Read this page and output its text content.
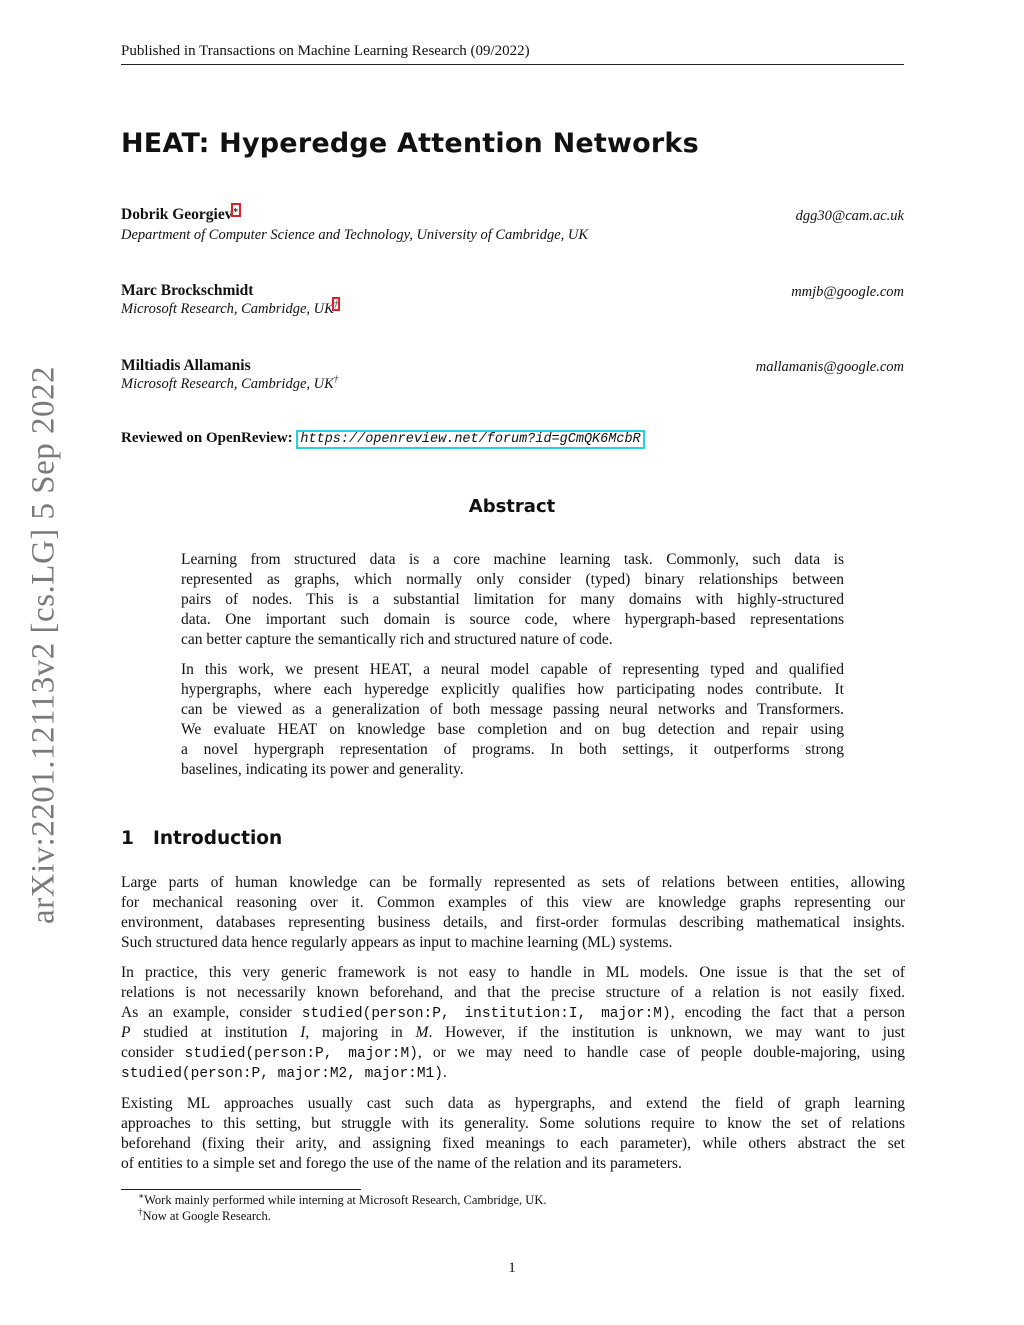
arXiv:2201.12113v2 [cs.LG] 5 Sep 2022
Published in Transactions on Machine Learning Research (09/2022)
HEAT: Hyperedge Attention Networks
Dobrik Georgiev∗	dgg30@cam.ac.uk
Department of Computer Science and Technology, University of Cambridge, UK
Marc Brockschmidt	mmjb@google.com
Microsoft Research, Cambridge, UK†
Miltiadis Allamanis	mallamanis@google.com
Microsoft Research, Cambridge, UK†
Reviewed on OpenReview: https://openreview.net/forum?id=gCmQK6McbR
Abstract
Learning from structured data is a core machine learning task. Commonly, such data is
represented as graphs, which normally only consider (typed) binary relationships between
pairs of nodes. This is a substantial limitation for many domains with highly-structured
data. One important such domain is source code, where hypergraph-based representations
can better capture the semantically rich and structured nature of code.
In this work, we present HEAT, a neural model capable of representing typed and qualified
hypergraphs, where each hyperedge explicitly qualifies how participating nodes contribute. It
can be viewed as a generalization of both message passing neural networks and Transformers.
We evaluate HEAT on knowledge base completion and on bug detection and repair using
a novel hypergraph representation of programs. In both settings, it outperforms strong
baselines, indicating its power and generality.
1 Introduction
Large parts of human knowledge can be formally represented as sets of relations between entities, allowing
for mechanical reasoning over it. Common examples of this view are knowledge graphs representing our
environment, databases representing business details, and first-order formulas describing mathematical insights.
Such structured data hence regularly appears as input to machine learning (ML) systems.
In practice, this very generic framework is not easy to handle in ML models. One issue is that the set of
relations is not necessarily known beforehand, and that the precise structure of a relation is not easily fixed.
As an example, consider studied(person:P, institution:I, major:M), encoding the fact that a person
P studied at institution I, majoring in M. However, if the institution is unknown, we may want to just
consider studied(person:P, major:M), or we may need to handle case of people double-majoring, using
studied(person:P, major:M2, major:M1).
Existing ML approaches usually cast such data as hypergraphs, and extend the field of graph learning
approaches to this setting, but struggle with its generality. Some solutions require to know the set of relations
beforehand (fixing their arity, and assigning fixed meanings to each parameter), while others abstract the set
of entities to a simple set and forego the use of the name of the relation and its parameters.
∗Work mainly performed while interning at Microsoft Research, Cambridge, UK.
†Now at Google Research.
1
